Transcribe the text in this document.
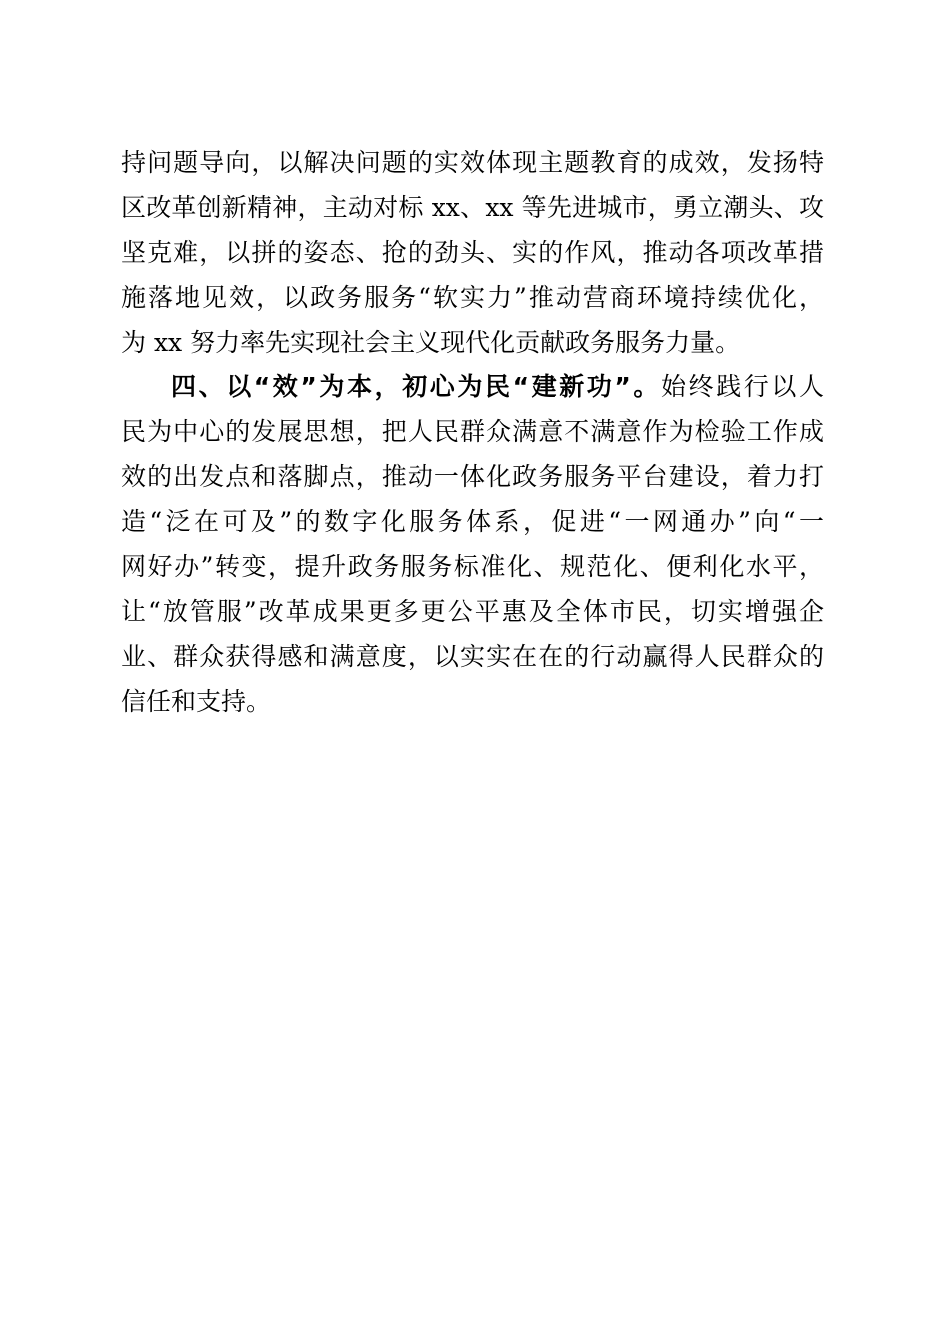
持问题导向，以解决问题的实效体现主题教育的成效，发扬特
区改革创新精神，主动对标 xx、xx 等先进城市，勇立潮头、攻
坚克难，以拼的姿态、抢的劲头、实的作风，推动各项改革措
施落地见效，以政务服务“软实力”推动营商环境持续优化，
为 xx 努力率先实现社会主义现代化贡献政务服务力量。
四、以“效”为本，初心为民“建新功”。始终践行以人
民为中心的发展思想，把人民群众满意不满意作为检验工作成
效的出发点和落脚点，推动一体化政务服务平台建设，着力打
造“泛在可及”的数字化服务体系，促进“一网通办”向“一
网好办”转变，提升政务服务标准化、规范化、便利化水平，
让“放管服”改革成果更多更公平惠及全体市民，切实增强企
业、群众获得感和满意度，以实实在在的行动赢得人民群众的
信任和支持。
